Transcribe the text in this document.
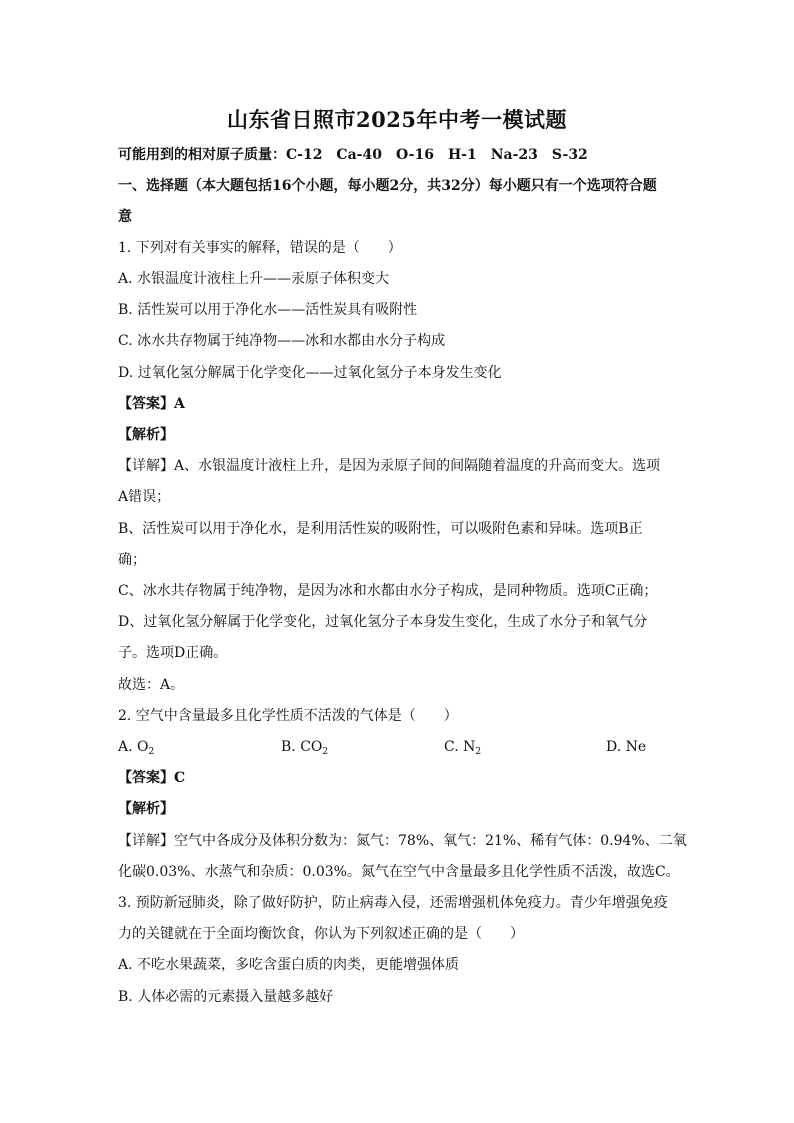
山东省日照市2025年中考一模试题
可能用到的相对原子质量：C-12　Ca-40　O-16　H-1　Na-23　S-32
一、选择题（本大题包括16个小题，每小题2分，共32分）每小题只有一个选项符合题
意
1. 下列对有关事实的解释，错误的是（　　）
A. 水银温度计液柱上升——汞原子体积变大
B. 活性炭可以用于净化水——活性炭具有吸附性
C. 冰水共存物属于纯净物——冰和水都由水分子构成
D. 过氧化氢分解属于化学变化——过氧化氢分子本身发生变化
【答案】A
【解析】
【详解】A、水银温度计液柱上升，是因为汞原子间的间隔随着温度的升高而变大。选项
A错误；
B、活性炭可以用于净化水，是利用活性炭的吸附性，可以吸附色素和异味。选项B正
确；
C、冰水共存物属于纯净物，是因为冰和水都由水分子构成，是同种物质。选项C正确；
D、过氧化氢分解属于化学变化，过氧化氢分子本身发生变化，生成了水分子和氧气分
子。选项D正确。
故选：A。
2. 空气中含量最多且化学性质不活泼的气体是（　　）
A. $O_2$	B. $CO_2$	C. $N_2$	D. Ne
【答案】C
【解析】
【详解】空气中各成分及体积分数为：氮气：78%、氧气：21%、稀有气体：0.94%、二氧
化碳0.03%、水蒸气和杂质：0.03%。氮气在空气中含量最多且化学性质不活泼，故选C。
3. 预防新冠肺炎，除了做好防护，防止病毒入侵，还需增强机体免疫力。青少年增强免疫
力的关键就在于全面均衡饮食，你认为下列叙述正确的是（　　）
A. 不吃水果蔬菜，多吃含蛋白质的肉类，更能增强体质
B. 人体必需的元素摄入量越多越好
